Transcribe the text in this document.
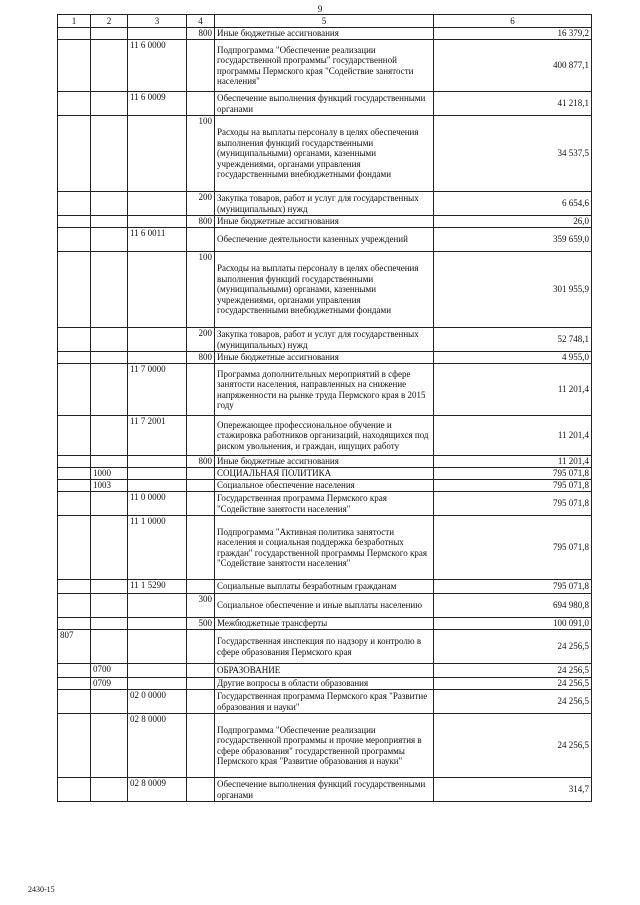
9
1	2	3	4	5	6
			800	Иные бюджетные ассигнования	16 379,2
		11 6 0000		Подпрограмма "Обеспечение реализации государственной программы" государственной программы Пермского края "Содействие занятости населения"	400 877,1
		11 6 0009		Обеспечение выполнения функций государственными органами	41 218,1
			100	Расходы на выплаты персоналу в целях обеспечения выполнения функций государственными (муниципальными) органами, казенными учреждениями, органами управления государственными внебюджетными фондами	34 537,5
			200	Закупка товаров, работ и услуг для государственных (муниципальных) нужд	6 654,6
			800	Иные бюджетные ассигнования	26,0
		11 6 0011		Обеспечение деятельности казенных учреждений	359 659,0
			100	Расходы на выплаты персоналу в целях обеспечения выполнения функций государственными (муниципальными) органами, казенными учреждениями, органами управления государственными внебюджетными фондами	301 955,9
			200	Закупка товаров, работ и услуг для государственных (муниципальных) нужд	52 748,1
			800	Иные бюджетные ассигнования	4 955,0
		11 7 0000		Программа дополнительных мероприятий в сфере занятости населения, направленных на снижение напряженности на рынке труда Пермского края в 2015 году	11 201,4
		11 7 2001		Опережающее профессиональное обучение и стажировка работников организаций, находящихся под риском увольнения, и граждан, ищущих работу	11 201,4
			800	Иные бюджетные ассигнования	11 201,4
	1000			СОЦИАЛЬНАЯ ПОЛИТИКА	795 071,8
	1003			Социальное обеспечение населения	795 071,8
		11 0 0000		Государственная программа Пермского края "Содействие занятости населения"	795 071,8
		11 1 0000		Подпрограмма "Активная политика занятости населения и социальная поддержка безработных граждан" государственной программы Пермского края "Содействие занятости населения"	795 071,8
		11 1 5290		Социальные выплаты безработным гражданам	795 071,8
			300	Социальное обеспечение и иные выплаты населению	694 980,8
			500	Межбюджетные трансферты	100 091,0
807				Государственная инспекция по надзору и контролю в сфере образования Пермского края	24 256,5
	0700			ОБРАЗОВАНИЕ	24 256,5
	0709			Другие вопросы в области образования	24 256,5
		02 0 0000		Государственная программа Пермского края "Развитие образования и науки"	24 256,5
		02 8 0000		Подпрограмма "Обеспечение реализации государственной программы и прочие мероприятия в сфере образования" государственной программы Пермского края "Развитие образования и науки"	24 256,5
		02 8 0009		Обеспечение выполнения функций государственными органами	314,7
2430-15
